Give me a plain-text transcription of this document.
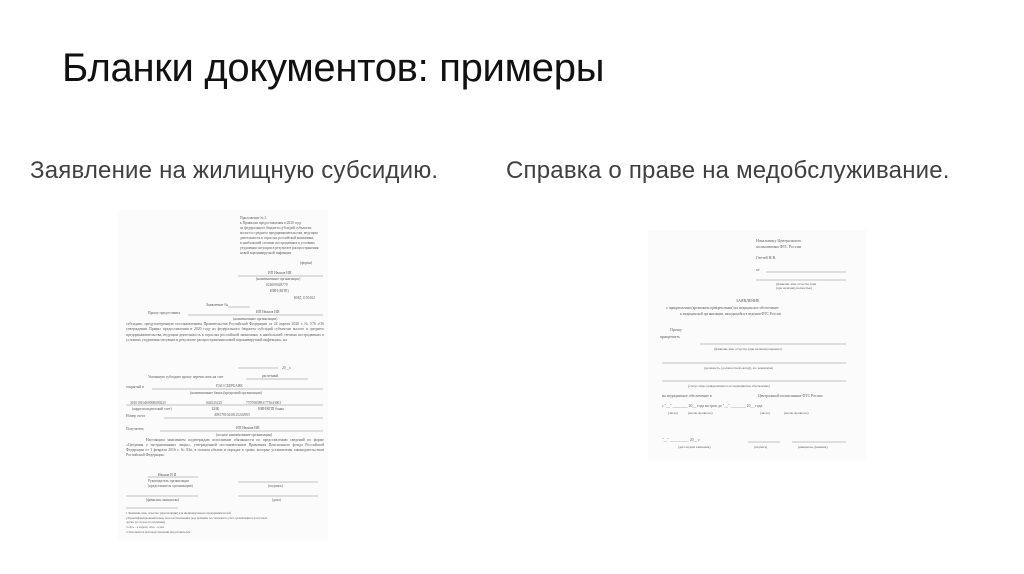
Бланки документов: примеры
Заявление на жилищную субсидию.	Справка о праве на медобслуживание.
Приложение № 2
к Правилам предоставления в 2020 году
из федерального бюджета субсидий субъектам
малого и среднего предпринимательства, ведущим
деятельность в отраслях российской экономики,
в наибольшей степени пострадавших в условиях
ухудшения ситуации в результате распространения
новой коронавирусной инфекции
(форма)
ИП Иванов ИИ
(наименование организации)
624609028779
ИНН (КПП)
КНД 1150102
Заявление №
Прошу предоставить	ИП Иванов ИИ
(наименование организации)
субсидию, предусмотренную постановлением Правительства Российской Федерации от 24 апреля 2020 г. № 576 «Об утверждении Правил предоставления в 2020 году из федерального бюджета субсидий субъектам малого и среднего предпринимательства, ведущим деятельность в отраслях российской экономики, в наибольшей степени пострадавших в условиях ухудшения ситуации в результате распространения новой коронавирусной инфекции», на
20__г.
Указанную субсидию прошу перечислить на счет	расчетный
открытый в	ПАО СБЕРБАНК
(наименование банка (кредитной организации)
30101810400000000225	044525225	7707083893/773643001
(корреспондентский счет)	БИК	ИНН/КПП банка
Номер счета	40817810438125202905
Получатель	ИП Иванов ИИ
(полное наименование организации)
Настоящим заявлением подтверждаю исполнение обязанности по представлению сведений по форме «Сведения о застрахованных лицах», утвержденной постановлением Правления Пенсионного фонда Российской Федерации от 1 февраля 2016 г. № 83п, в полном объеме и порядке в сроки, которые установлены законодательством Российской Федерации.
Иванов И И
Руководитель организации
(представитель организации)	(подпись)
(фамилия, инициалы)	(дата)
1 Фамилия, имя, отчество (при наличии) для индивидуальных предпринимателей.
2 Идентификационный номер налогоплательщика (код причины постановки на учет организации в налоговом
органе (в случае его наличия)).
3 «01» - в апреле, «02» - в мае
4 Заполняется при представлении представителем
Начальнику Центрального
поликлиники ФТС России
Гнезей Н.В.
от
(фамилия, имя, отчество (при
(при наличии) полностью)
ЗАЯВЛЕНИЕ
о прикреплении (временном прикреплении) на медицинское обеспечение
к медицинской организации, находящейся в ведении ФТС России
Прошу
прикрепить
(фамилия, имя, отчество (при наличии) пациента)
(должность, (должностной оклад)), его реквизиты)
(статус лица, прикрепляемого на медицинское обеспечение)
на медицинское обеспечение в	Центральной поликлинике ФТС России
с "__" ________ 20__ года на срок до "__" ________ 20__ года.
(число)	(месяц прописью)	(число)	(месяц прописью)
"__" __________ 20__ г.
(дата подачи заявления)	(подпись)	(инициалы, фамилия)
